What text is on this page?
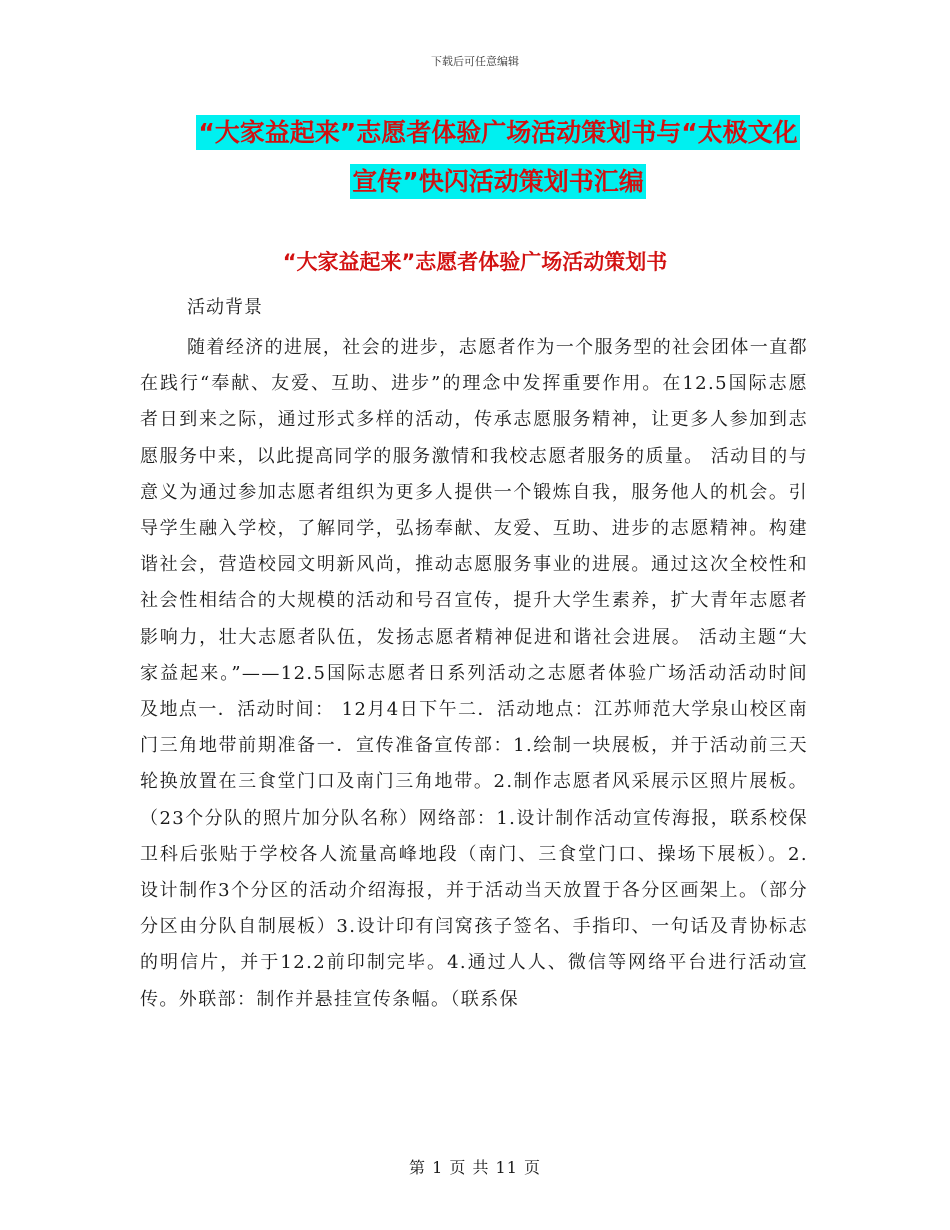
下载后可任意编辑
“大家益起来”志愿者体验广场活动策划书与“太极文化宣传”快闪活动策划书汇编
“大家益起来”志愿者体验广场活动策划书
活动背景

随着经济的进展，社会的进步，志愿者作为一个服务型的社会团体一直都在践行“奉献、友爱、互助、进步”的理念中发挥重要作用。在12.5国际志愿者日到来之际，通过形式多样的活动，传承志愿服务精神，让更多人参加到志愿服务中来，以此提高同学的服务激情和我校志愿者服务的质量。 活动目的与意义为通过参加志愿者组织为更多人提供一个锻炼自我，服务他人的机会。引导学生融入学校，了解同学，弘扬奉献、友爱、互助、进步的志愿精神。构建谐社会，营造校园文明新风尚，推动志愿服务事业的进展。通过这次全校性和社会性相结合的大规模的活动和号召宣传，提升大学生素养，扩大青年志愿者影响力，壮大志愿者队伍，发扬志愿者精神促进和谐社会进展。 活动主题“大家益起来。”——12.5国际志愿者日系列活动之志愿者体验广场活动活动时间及地点一．活动时间： 12月4日下午二．活动地点：江苏师范大学泉山校区南门三角地带前期准备一．宣传准备宣传部：1.绘制一块展板，并于活动前三天轮换放置在三食堂门口及南门三角地带。2.制作志愿者风采展示区照片展板。（23个分队的照片加分队名称）网络部：1.设计制作活动宣传海报，联系校保卫科后张贴于学校各人流量高峰地段（南门、三食堂门口、操场下展板）。2.设计制作3个分区的活动介绍海报，并于活动当天放置于各分区画架上。（部分分区由分队自制展板）3.设计印有闫窝孩子签名、手指印、一句话及青协标志的明信片，并于12.2前印制完毕。4.通过人人、微信等网络平台进行活动宣传。外联部：制作并悬挂宣传条幅。（联系保

第 1 页 共 11 页
